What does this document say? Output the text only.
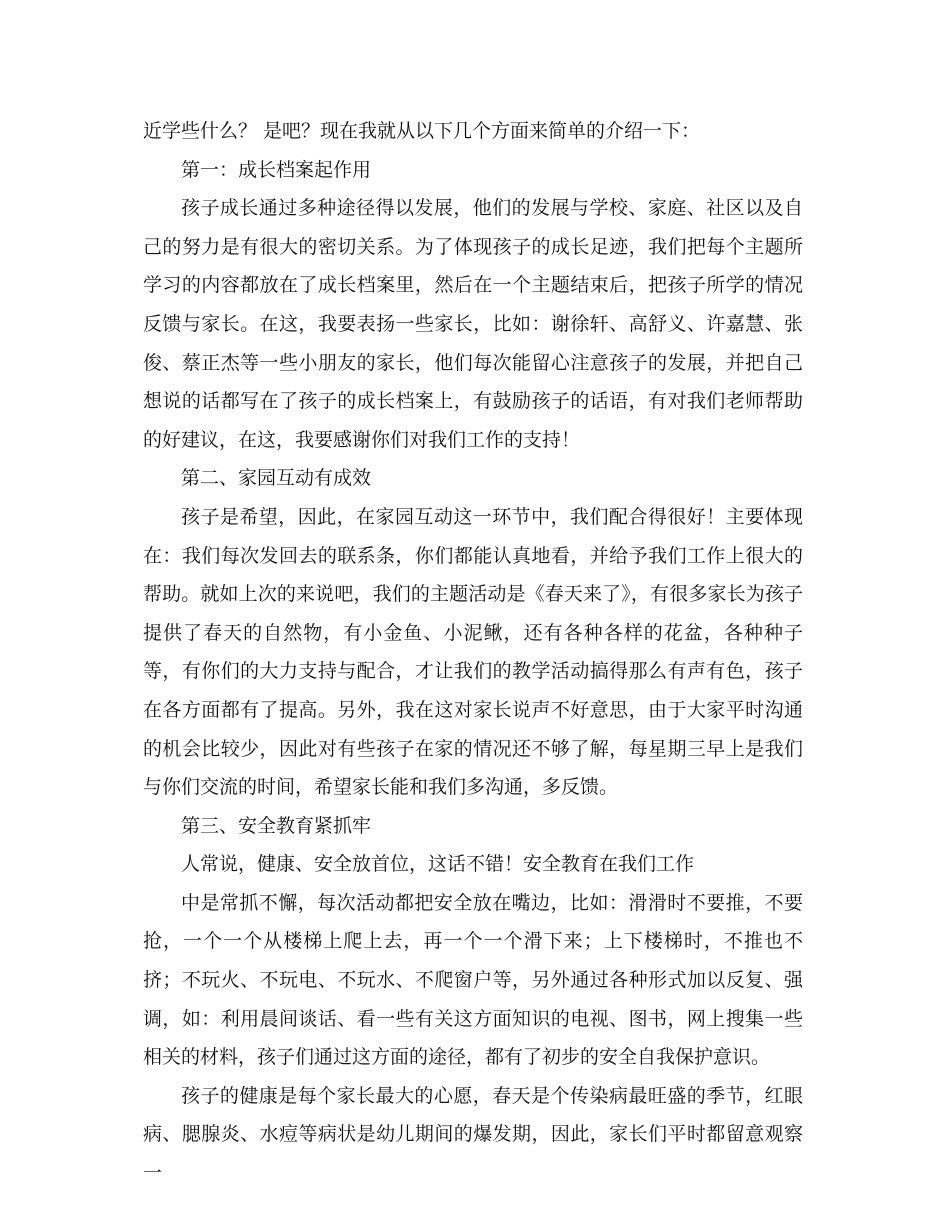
近学些什么？ 是吧？现在我就从以下几个方面来简单的介绍一下：

第一：成长档案起作用

孩子成长通过多种途径得以发展，他们的发展与学校、家庭、社区以及自己的努力是有很大的密切关系。为了体现孩子的成长足迹，我们把每个主题所学习的内容都放在了成长档案里，然后在一个主题结束后，把孩子所学的情况反馈与家长。在这，我要表扬一些家长，比如：谢徐轩、高舒义、许嘉慧、张俊、蔡正杰等一些小朋友的家长，他们每次能留心注意孩子的发展，并把自己想说的话都写在了孩子的成长档案上，有鼓励孩子的话语，有对我们老师帮助的好建议，在这，我要感谢你们对我们工作的支持！

第二、家园互动有成效

孩子是希望，因此，在家园互动这一环节中，我们配合得很好！主要体现在：我们每次发回去的联系条，你们都能认真地看，并给予我们工作上很大的帮助。就如上次的来说吧，我们的主题活动是《春天来了》，有很多家长为孩子提供了春天的自然物，有小金鱼、小泥鳅，还有各种各样的花盆，各种种子等，有你们的大力支持与配合，才让我们的教学活动搞得那么有声有色，孩子在各方面都有了提高。另外，我在这对家长说声不好意思，由于大家平时沟通的机会比较少，因此对有些孩子在家的情况还不够了解，每星期三早上是我们与你们交流的时间，希望家长能和我们多沟通，多反馈。

第三、安全教育紧抓牢

人常说，健康、安全放首位，这话不错！安全教育在我们工作

中是常抓不懈，每次活动都把安全放在嘴边，比如：滑滑时不要推，不要抢，一个一个从楼梯上爬上去，再一个一个滑下来；上下楼梯时，不推也不挤；不玩火、不玩电、不玩水、不爬窗户等，另外通过各种形式加以反复、强调，如：利用晨间谈话、看一些有关这方面知识的电视、图书，网上搜集一些相关的材料，孩子们通过这方面的途径，都有了初步的安全自我保护意识。

孩子的健康是每个家长最大的心愿，春天是个传染病最旺盛的季节，红眼病、腮腺炎、水痘等病状是幼儿期间的爆发期，因此，家长们平时都留意观察一
